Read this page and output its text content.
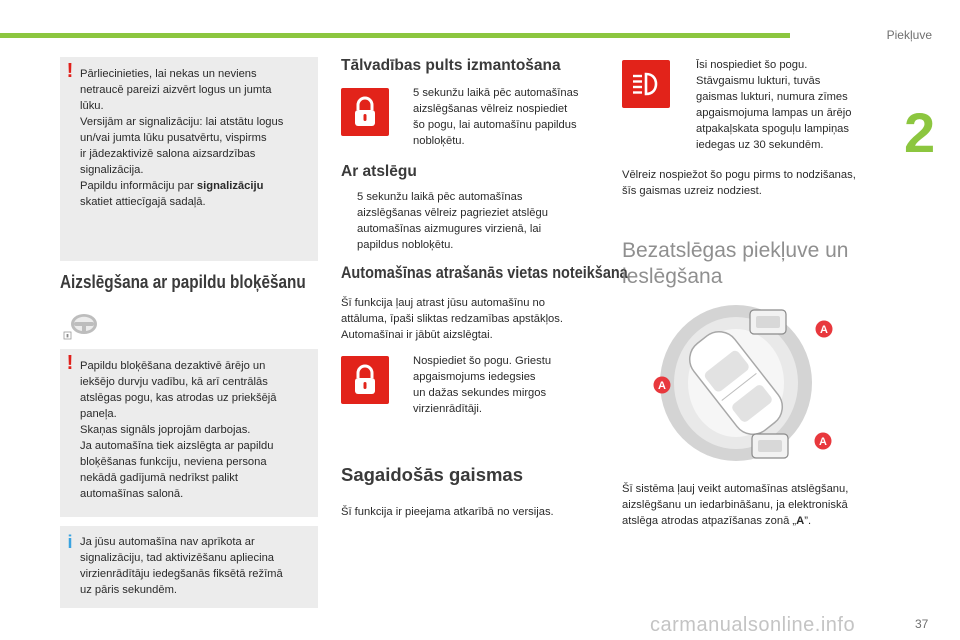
Piekļuve
2
! Pārliecinieties, lai nekas un neviens
netraucē pareizi aizvērt logus un jumta
lūku.
Versijām ar signalizāciju: lai atstātu logus
un/vai jumta lūku pusatvērtu, vispirms
ir jādezaktivizē salona aizsardzības
signalizācija.
Papildu informāciju par signalizāciju
skatiet attiecīgajā sadaļā.

Aizslēgšana ar papildu bloķēšanu
! Papildu bloķēšana dezaktivē ārējo un
iekšējo durvju vadību, kā arī centrālās
atslēgas pogu, kas atrodas uz priekšējā
paneļa.
Skaņas signāls joprojām darbojas.
Ja automašīna tiek aizslēgta ar papildu
bloķēšanas funkciju, neviena persona
nekādā gadījumā nedrīkst palikt
automašīnas salonā.

i Ja jūsu automašīna nav aprīkota ar
signalizāciju, tad aktivizēšanu apliecina
virzienrādītāju iedegšanās fiksētā režīmā
uz pāris sekundēm.

Tālvadības pults izmantošana
5 sekunžu laikā pēc automašīnas
aizslēgšanas vēlreiz nospiediet
šo pogu, lai automašīnu papildus
nobloķētu.
Ar atslēgu
5 sekunžu laikā pēc automašīnas
aizslēgšanas vēlreiz pagrieziet atslēgu
automašīnas aizmugures virzienā, lai
papildus nobloķētu.
Automašīnas atrašanās vietas noteikšana
Šī funkcija ļauj atrast jūsu automašīnu no
attāluma, īpaši sliktas redzamības apstākļos.
Automašīnai ir jābūt aizslēgtai.
Nospiediet šo pogu. Griestu
apgaismojums iedegsies
un dažas sekundes mirgos
virzienrādītāji.
Sagaidošās gaismas
Šī funkcija ir pieejama atkarībā no versijas.
Īsi nospiediet šo pogu.
Stāvgaismu lukturi, tuvās
gaismas lukturi, numura zīmes
apgaismojuma lampas un ārējo
atpakaļskata spoguļu lampiņas
iedegas uz 30 sekundēm.
Vēlreiz nospiežot šo pogu pirms to nodzišanas,
šīs gaismas uzreiz nodziest.
Bezatslēgas piekļuve un
ieslēgšana
A
A
A

Šī sistēma ļauj veikt automašīnas atslēgšanu,
aizslēgšanu un iedarbināšanu, ja elektroniskā
atslēga atrodas atpazīšanas zonā „A”.

carmanualsonline.info	37
